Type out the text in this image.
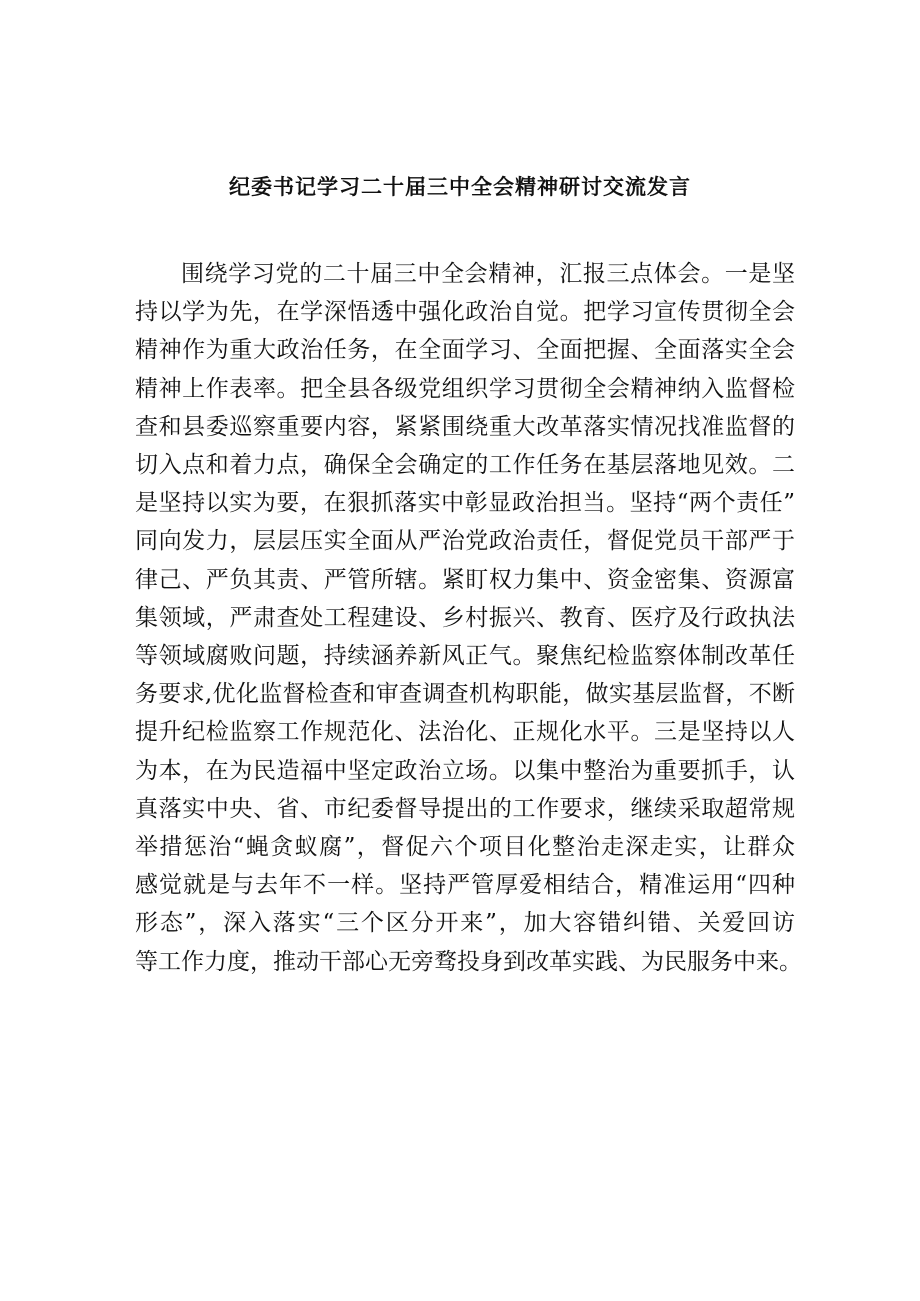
纪委书记学习二十届三中全会精神研讨交流发言
围绕学习党的二十届三中全会精神，汇报三点体会。一是坚
持以学为先，在学深悟透中强化政治自觉。把学习宣传贯彻全会
精神作为重大政治任务，在全面学习、全面把握、全面落实全会
精神上作表率。把全县各级党组织学习贯彻全会精神纳入监督检
查和县委巡察重要内容，紧紧围绕重大改革落实情况找准监督的
切入点和着力点，确保全会确定的工作任务在基层落地见效。二
是坚持以实为要，在狠抓落实中彰显政治担当。坚持“两个责任”
同向发力，层层压实全面从严治党政治责任，督促党员干部严于
律己、严负其责、严管所辖。紧盯权力集中、资金密集、资源富
集领域，严肃查处工程建设、乡村振兴、教育、医疗及行政执法
等领域腐败问题，持续涵养新风正气。聚焦纪检监察体制改革任
务要求,优化监督检查和审查调查机构职能，做实基层监督，不断
提升纪检监察工作规范化、法治化、正规化水平。三是坚持以人
为本，在为民造福中坚定政治立场。以集中整治为重要抓手，认
真落实中央、省、市纪委督导提出的工作要求，继续采取超常规
举措惩治“蝇贪蚁腐”，督促六个项目化整治走深走实，让群众
感觉就是与去年不一样。坚持严管厚爱相结合，精准运用“四种
形态”，深入落实“三个区分开来”，加大容错纠错、关爱回访
等工作力度，推动干部心无旁骛投身到改革实践、为民服务中来。
